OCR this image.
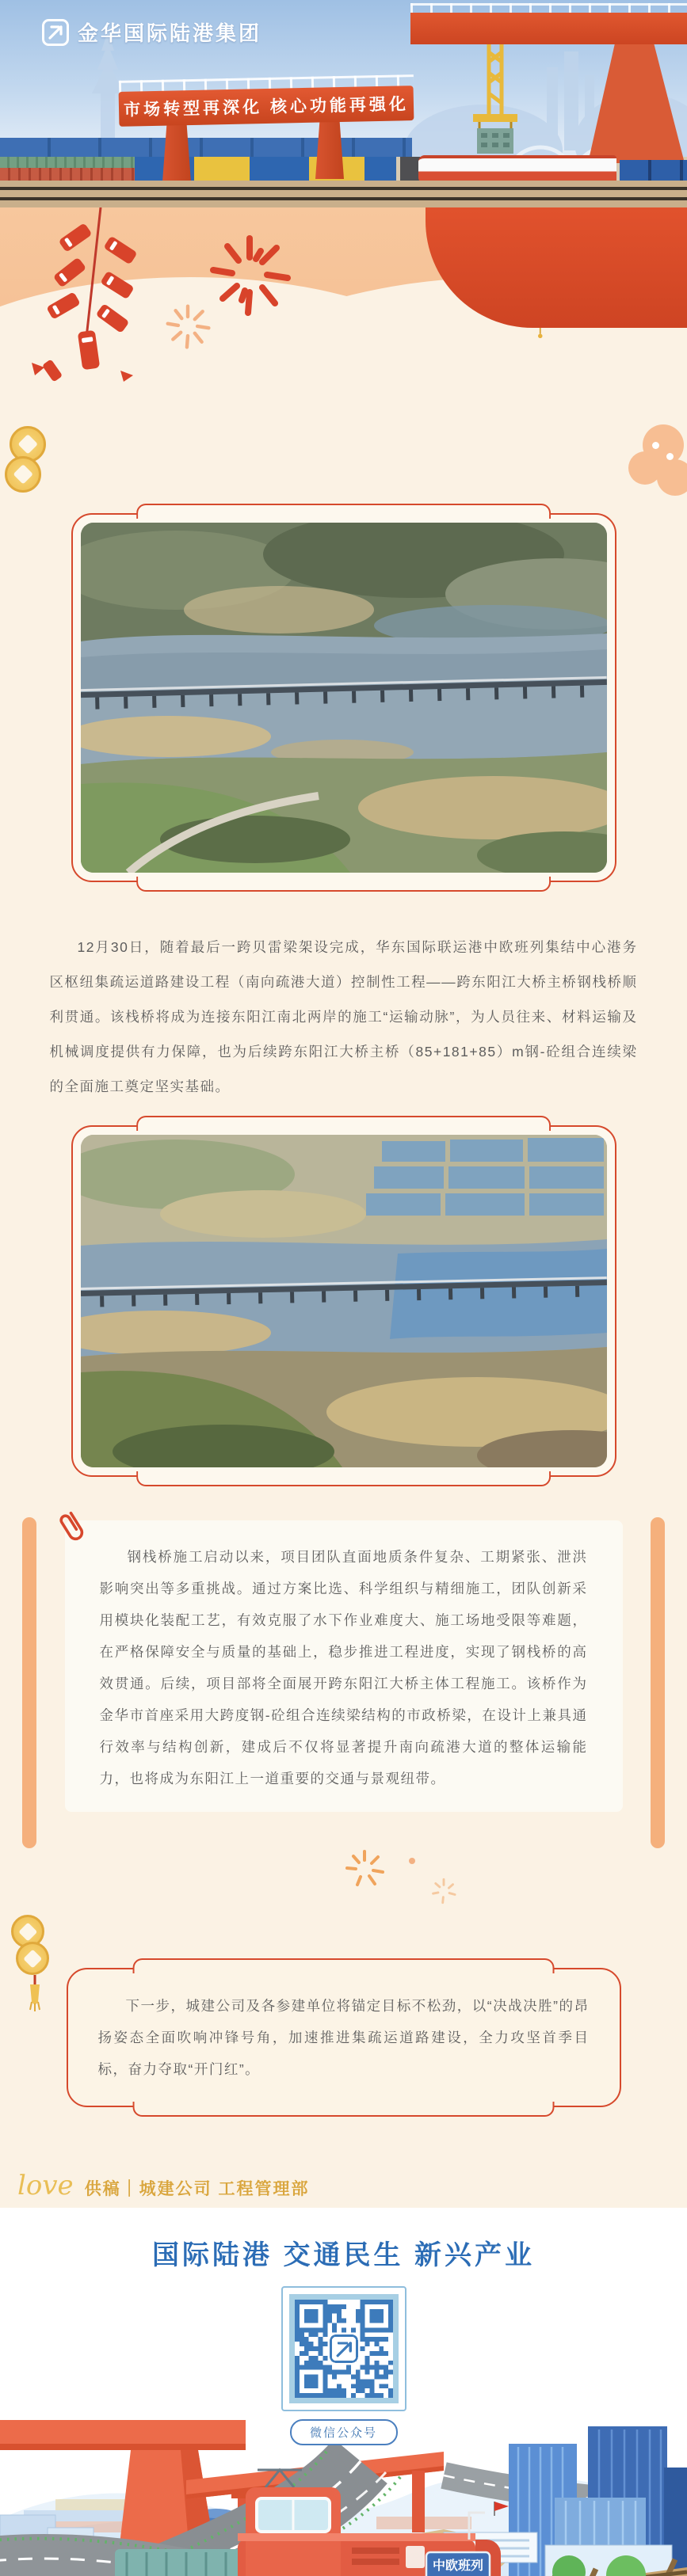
金华国际陆港集团
市场转型再深化 核心功能再强化

12月30日，随着最后一跨贝雷梁架设完成，华东国际联运港中欧班列集结中心港务区枢纽集疏运道路建设工程（南向疏港大道）控制性工程——跨东阳江大桥主桥钢栈桥顺利贯通。该栈桥将成为连接东阳江南北两岸的施工“运输动脉”，为人员往来、材料运输及机械调度提供有力保障，也为后续跨东阳江大桥主桥（85+181+85）m钢-砼组合连续梁的全面施工奠定坚实基础。

钢栈桥施工启动以来，项目团队直面地质条件复杂、工期紧张、泄洪影响突出等多重挑战。通过方案比选、科学组织与精细施工，团队创新采用模块化装配工艺，有效克服了水下作业难度大、施工场地受限等难题，在严格保障安全与质量的基础上，稳步推进工程进度，实现了钢栈桥的高效贯通。后续，项目部将全面展开跨东阳江大桥主体工程施工。该桥作为金华市首座采用大跨度钢-砼组合连续梁结构的市政桥梁，在设计上兼具通行效率与结构创新，建成后不仅将显著提升南向疏港大道的整体运输能力，也将成为东阳江上一道重要的交通与景观纽带。

下一步，城建公司及各参建单位将锚定目标不松劲，以“决战决胜”的昂扬姿态全面吹响冲锋号角，加速推进集疏运道路建设，全力攻坚首季目标，奋力夺取“开门红”。

love 供稿｜城建公司 工程管理部
国际陆港 交通民生 新兴产业
微信公众号
中欧班列
